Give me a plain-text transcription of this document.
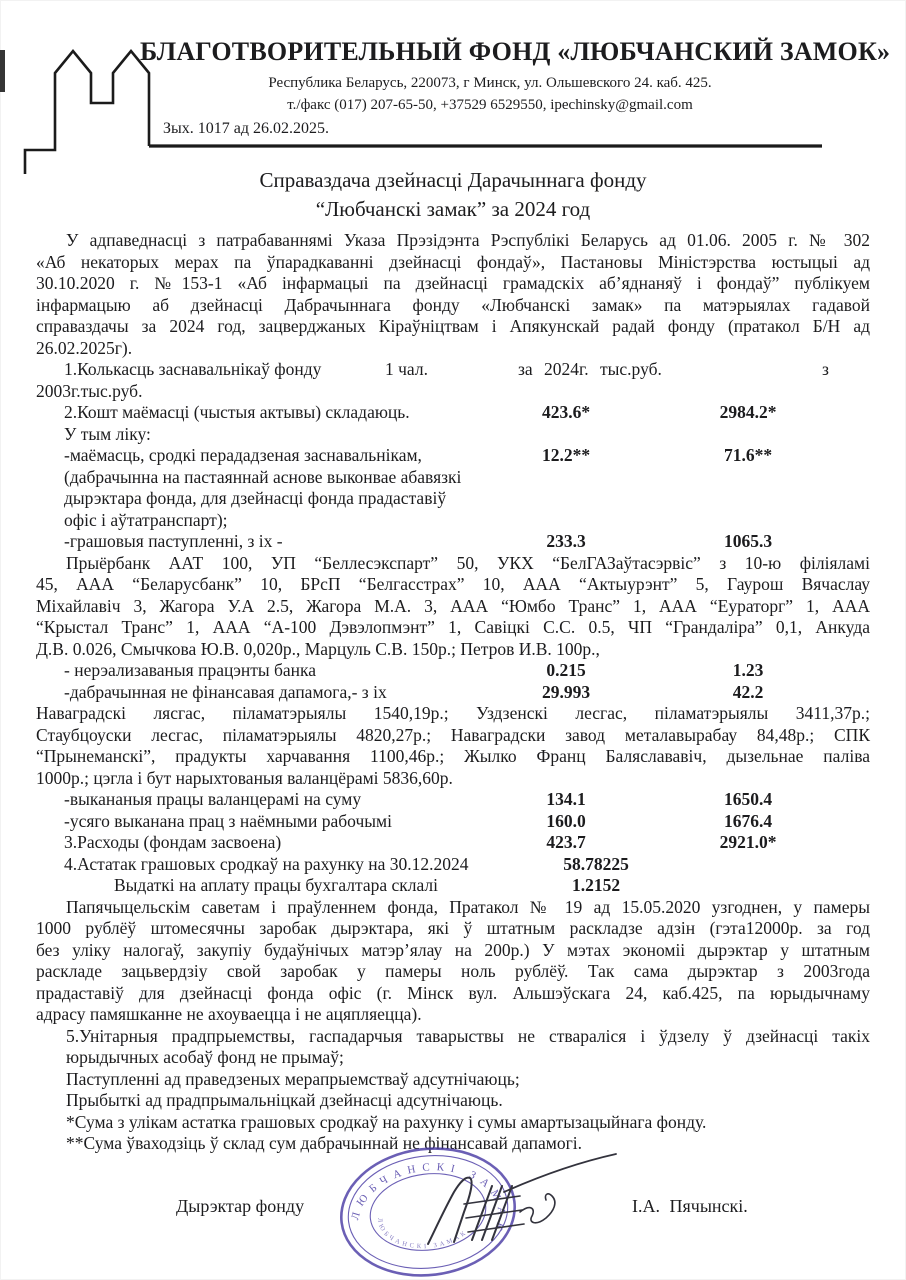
БЛАГОТВОРИТЕЛЬНЫЙ ФОНД «ЛЮБЧАНСКИЙ ЗАМОК»
Республика Беларусь, 220073, г Минск, ул. Ольшевского 24. каб. 425.
т./факс (017) 207-65-50, +37529 6529550, ipechinsky@gmail.com
Зых. 1017 ад 26.02.2025.
Справаздача дзейнасці Дарачыннага фонду
“Любчанскі замак” за 2024 год
У адпаведнасці з патрабаваннямі Указа Прэзідэнта Рэспублікі Беларусь ад 01.06. 2005 г. № 302
«Аб некаторых мерах па ўпарадкаванні дзейнасці фондаў», Пастановы Міністэрства юстыцыі ад
30.10.2020 г. №153-1 «Аб інфармацыі па дзейнасці грамадскіх аб’яднаняў і фондаў” публікуем
інфармацыю аб дзейнасці Дабрачыннага фонду «Любчанскі замак» па матэрыялах гадавой
справаздачы за 2024 год, зацверджаных Кіраўніцтвам і Апякунскай радай фонду (пратакол Б/Н ад
26.02.2025г).
1.Колькасць заснавальнікаў фонду	1 чал.	за 2024г. тыс.руб.	з
2003г.тыс.руб.
2.Кошт маёмасці (чыстыя актывы) складаюць.	423.6*	2984.2*
У тым ліку:
-маёмасць, сродкі перададзеная заснавальнікам,	12.2**	71.6**
(дабрачынна на пастаяннай аснове выконвае абавязкі
дырэктара фонда, для дзейнасці фонда прадаставіў
офіс і аўтатранспарт);
-грашовыя паступленні, з іх -	233.3	1065.3
Прыёрбанк ААТ 100, УП “Беллесэкспарт” 50, УКХ “БелГАЗаўтасэрвіс” з 10-ю філіяламі
45, ААА “Беларусбанк” 10, БРсП “Белгасстрах” 10, ААА “Актыурэнт” 5, Гаурош Вячаслау
Міхайлавіч 3, Жагора У.А 2.5, Жагора М.А. 3, ААА “Юмбо Транс” 1, ААА “Еураторг” 1, ААА
“Крыстал Транс” 1, ААА “А-100 Дэвэлопмэнт” 1, Савіцкі С.С. 0.5, ЧП “Грандаліра” 0,1, Анкуда
Д.В. 0.026, Смычкова Ю.В. 0,020р., Марцуль С.В. 150р.; Петров И.В. 100р.,
- нерэализаваныя працэнты банка	0.215	1.23
-дабрачынная не фінансавая дапамога,- з іх	29.993	42.2
Наваградскі лясгас, піламатэрыялы 1540,19р.; Уздзенскі лесгас, піламатэрыялы 3411,37р.;
Стаубцоуски лесгас, піламатэрыялы 4820,27р.; Наваградски завод металавырабау 84,48р.; СПК
“Прынеманскі”, прадукты харчавання 1100,46р.; Жылко Франц Баляслававіч, дызельнае паліва
1000р.; цэгла і бут нарыхтованыя валанцёрамі 5836,60р.
-выкананыя працы валанцерамі на суму	134.1	1650.4
-усяго выканана прац з наёмными рабочымі	160.0	1676.4
3.Расходы (фондам засвоена)	423.7	2921.0*
4.Астатак грашовых сродкаў на рахунку на 30.12.2024	58.78225
Выдаткі на аплату працы бухгалтара склалі	1.2152
Папячыцельскім саветам і праўленнем фонда, Пратакол № 19 ад 15.05.2020 узгоднен, у памеры
1000 рублёў штомесячны заробак дырэктара, які ў штатным раскладзе адзін (гэта12000р. за год
без уліку налогаў, закупіу будаўнічых матэр’ялау на 200р.) У мэтах экономіі дырэктар у штатным
раскладе зацьвердзіу свой заробак у памеры ноль рублёў. Так сама дырэктар з 2003года
прадаставіў для дзейнасці фонда офіс (г. Мінск вул. Альшэўскага 24, каб.425, па юрыдычнаму
адрасу памяшканне не ахоуваецца і не ацяпляецца).
5.Унітарныя прадпрыемствы, гаспадарчыя таварыствы не стваралiся і ўдзелу ў дзейнасці такіх
юрыдычных асобаў фонд не прымаў;
Паступленні ад праведзеных мерапрыемстваў адсутнічаюць;
Прыбыткі ад прадпрымальніцкай дзейнасці адсутнічаюць.
*Сума з улікам астатка грашовых сродкаў на рахунку і сумы амартызацыйнага фонду.
**Сума ўваходзіць ў склад сум дабрачыннай не фінансавай дапамогі.
ЛЮБЧАНСКІ ЗАМАК
ЛЮБЧАНСКІ ЗАМАК
Дырэктар фонду	І.А. Пячынскі.
